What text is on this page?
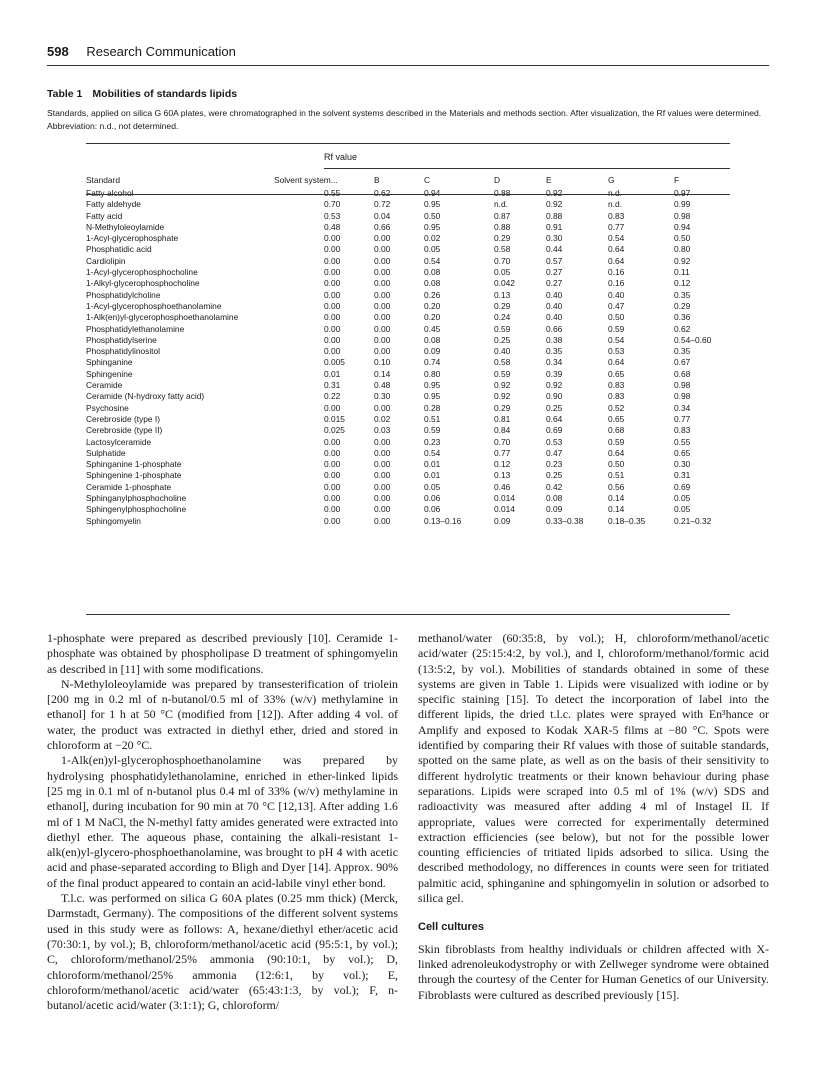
598 Research Communication
Table 1 Mobilities of standards lipids
Standards, applied on silica G 60A plates, were chromatographed in the solvent systems described in the Materials and methods section. After visualization, the Rf values were determined. Abbreviation: n.d., not determined.
Rf value
Standard	Solvent system...		B	C	D	E	G	F
Fatty alcohol		0.55	0.62	0.94	0.88	0.92	n.d.	0.97
Fatty aldehyde		0.70	0.72	0.95	n.d.	0.92	n.d.	0.99
Fatty acid		0.53	0.04	0.50	0.87	0.88	0.83	0.98
N-Methyloleoylamide		0.48	0.66	0.95	0.88	0.91	0.77	0.94
1-Acyl-glycerophosphate		0.00	0.00	0.02	0.29	0.30	0.54	0.50
Phosphatidic acid		0.00	0.00	0.05	0.58	0.44	0.64	0.80
Cardiolipin		0.00	0.00	0.54	0.70	0.57	0.64	0.92
1-Acyl-glycerophosphocholine		0.00	0.00	0.08	0.05	0.27	0.16	0.11
1-Alkyl-glycerophosphocholine		0.00	0.00	0.08	0.042	0.27	0.16	0.12
Phosphatidylcholine		0.00	0.00	0.26	0.13	0.40	0.40	0.35
1-Acyl-glycerophosphoethanolamine		0.00	0.00	0.20	0.29	0.40	0.47	0.29
1-Alk(en)yl-glycerophosphoethanolamine		0.00	0.00	0.20	0.24	0.40	0.50	0.36
Phosphatidylethanolamine		0.00	0.00	0.45	0.59	0.66	0.59	0.62
Phosphatidylserine		0.00	0.00	0.08	0.25	0.38	0.54	0.54–0.60
Phosphatidylinositol		0.00	0.00	0.09	0.40	0.35	0.53	0.35
Sphinganine		0.005	0.10	0.74	0.58	0.34	0.64	0.67
Sphingenine		0.01	0.14	0.80	0.59	0.39	0.65	0.68
Ceramide		0.31	0.48	0.95	0.92	0.92	0.83	0.98
Ceramide (N-hydroxy fatty acid)		0.22	0.30	0.95	0.92	0.90	0.83	0.98
Psychosine		0.00	0.00	0.28	0.29	0.25	0.52	0.34
Cerebroside (type I)		0.015	0.02	0.51	0.81	0.64	0.65	0.77
Cerebroside (type II)		0.025	0.03	0.59	0.84	0.69	0.68	0.83
Lactosylceramide		0.00	0.00	0.23	0.70	0.53	0.59	0.55
Sulphatide		0.00	0.00	0.54	0.77	0.47	0.64	0.65
Sphinganine 1-phosphate		0.00	0.00	0.01	0.12	0.23	0.50	0.30
Sphingenine 1-phosphate		0.00	0.00	0.01	0.13	0.25	0.51	0.31
Ceramide 1-phosphate		0.00	0.00	0.05	0.46	0.42	0.56	0.69
Sphinganylphosphocholine		0.00	0.00	0.06	0.014	0.08	0.14	0.05
Sphingenylphosphocholine		0.00	0.00	0.06	0.014	0.09	0.14	0.05
Sphingomyelin		0.00	0.00	0.13–0.16	0.09	0.33–0.38	0.18–0.35	0.21–0.32

1-phosphate were prepared as described previously [10]. Ceramide 1-phosphate was obtained by phospholipase D treatment of sphingomyelin as described in [11] with some modifications.

N-Methyloleoylamide was prepared by transesterification of triolein [200 mg in 0.2 ml of n-butanol/0.5 ml of 33% (w/v) methylamine in ethanol] for 1 h at 50 °C (modified from [12]). After adding 4 vol. of water, the product was extracted in diethyl ether, dried and stored in chloroform at −20 °C.

1-Alk(en)yl-glycerophosphoethanolamine was prepared by hydrolysing phosphatidylethanolamine, enriched in ether-linked lipids [25 mg in 0.1 ml of n-butanol plus 0.4 ml of 33% (w/v) methylamine in ethanol], during incubation for 90 min at 70 °C [12,13]. After adding 1.6 ml of 1 M NaCl, the N-methyl fatty amides generated were extracted into diethyl ether. The aqueous phase, containing the alkali-resistant 1-alk(en)yl-glycero-phosphoethanolamine, was brought to pH 4 with acetic acid and phase-separated according to Bligh and Dyer [14]. Approx. 90% of the final product appeared to contain an acid-labile vinyl ether bond.

T.l.c. was performed on silica G 60A plates (0.25 mm thick) (Merck, Darmstadt, Germany). The compositions of the different solvent systems used in this study were as follows: A, hexane/diethyl ether/acetic acid (70:30:1, by vol.); B, chloroform/methanol/acetic acid (95:5:1, by vol.); C, chloroform/methanol/25% ammonia (90:10:1, by vol.); D, chloroform/methanol/25% ammonia (12:6:1, by vol.); E, chloroform/methanol/acetic acid/water (65:43:1:3, by vol.); F, n-butanol/acetic acid/water (3:1:1); G, chloroform/

methanol/water (60:35:8, by vol.); H, chloroform/methanol/acetic acid/water (25:15:4:2, by vol.), and I, chloroform/methanol/formic acid (13:5:2, by vol.). Mobilities of standards obtained in some of these systems are given in Table 1. Lipids were visualized with iodine or by specific staining [15]. To detect the incorporation of label into the different lipids, the dried t.l.c. plates were sprayed with En³hance or Amplify and exposed to Kodak XAR-5 films at −80 °C. Spots were identified by comparing their Rf values with those of suitable standards, spotted on the same plate, as well as on the basis of their sensitivity to different hydrolytic treatments or their known behaviour during phase separations. Lipids were scraped into 0.5 ml of 1% (w/v) SDS and radioactivity was measured after adding 4 ml of Instagel II. If appropriate, values were corrected for experimentally determined extraction efficiencies (see below), but not for the possible lower counting efficiencies of tritiated lipids adsorbed to silica. Using the described methodology, no differences in counts were seen for tritiated palmitic acid, sphinganine and sphingomyelin in solution or adsorbed to silica gel.

Cell cultures

Skin fibroblasts from healthy individuals or children affected with X-linked adrenoleukodystrophy or with Zellweger syndrome were obtained through the courtesy of the Center for Human Genetics of our University. Fibroblasts were cultured as described previously [15].
